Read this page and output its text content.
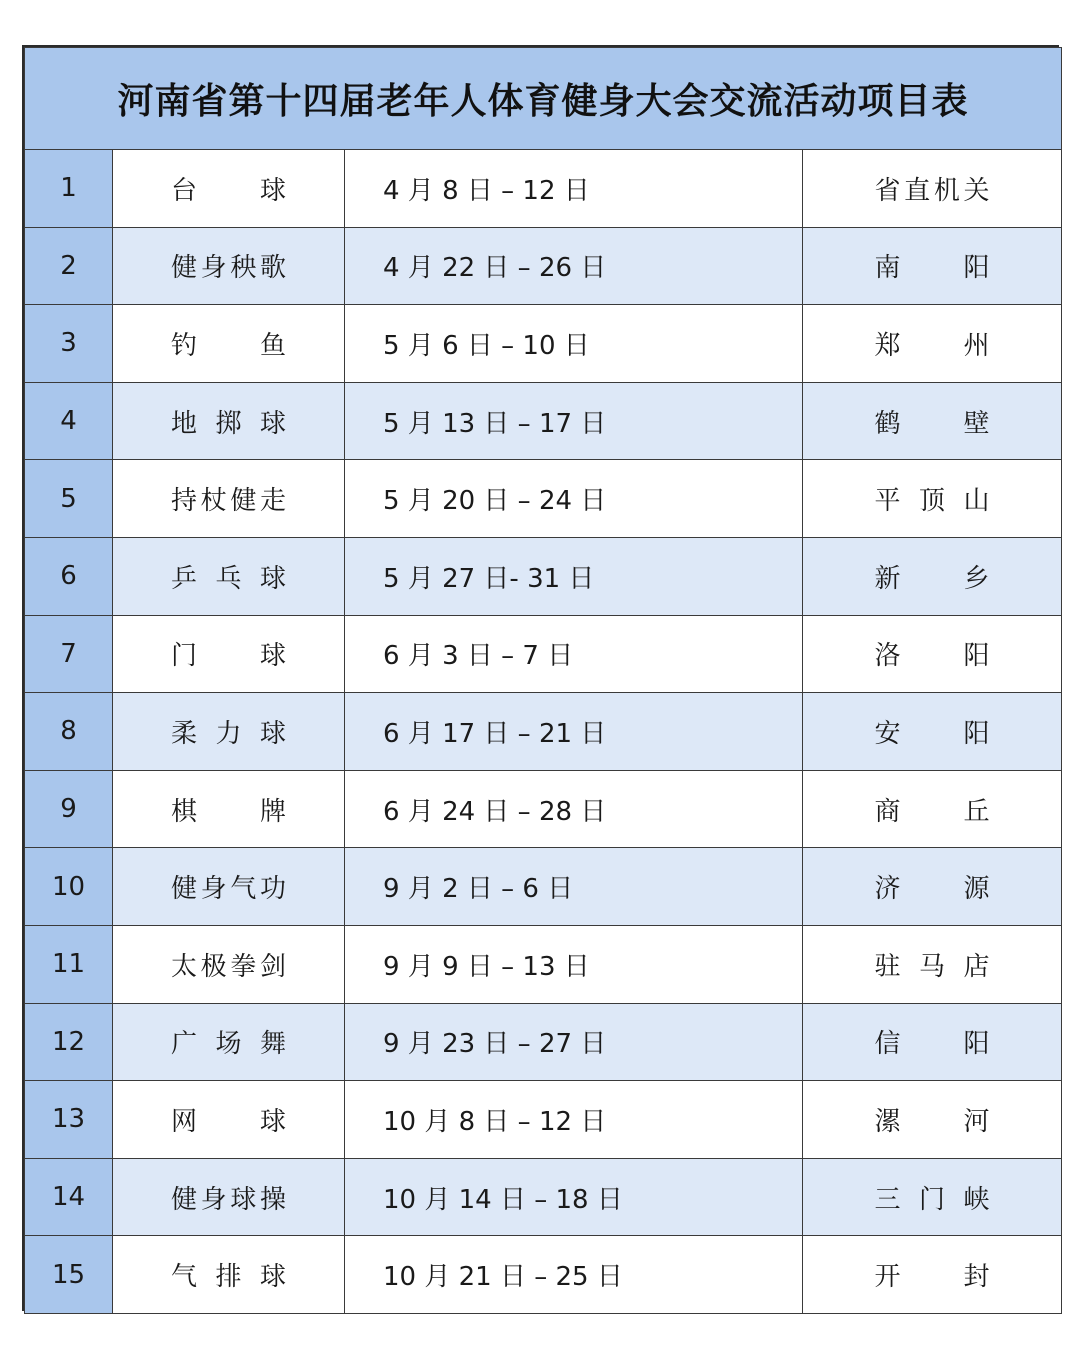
河南省第十四届老年人体育健身大会交流活动项目表			
1	台球	4 月 8 日 – 12 日	省直机关
2	健身秧歌	4 月 22 日 – 26 日	南阳
3	钓鱼	5 月 6 日 – 10 日	郑州
4	地掷球	5 月 13 日 – 17 日	鹤壁
5	持杖健走	5 月 20 日 – 24 日	平顶山
6	乒乓球	5 月 27 日- 31 日	新乡
7	门球	6 月 3 日 – 7 日	洛阳
8	柔力球	6 月 17 日 – 21 日	安阳
9	棋牌	6 月 24 日 – 28 日	商丘
10	健身气功	9 月 2 日 – 6 日	济源
11	太极拳剑	9 月 9 日 – 13 日	驻马店
12	广场舞	9 月 23 日 – 27 日	信阳
13	网球	10 月 8 日 – 12 日	漯河
14	健身球操	10 月 14 日 – 18 日	三门峡
15	气排球	10 月 21 日 – 25 日	开封
